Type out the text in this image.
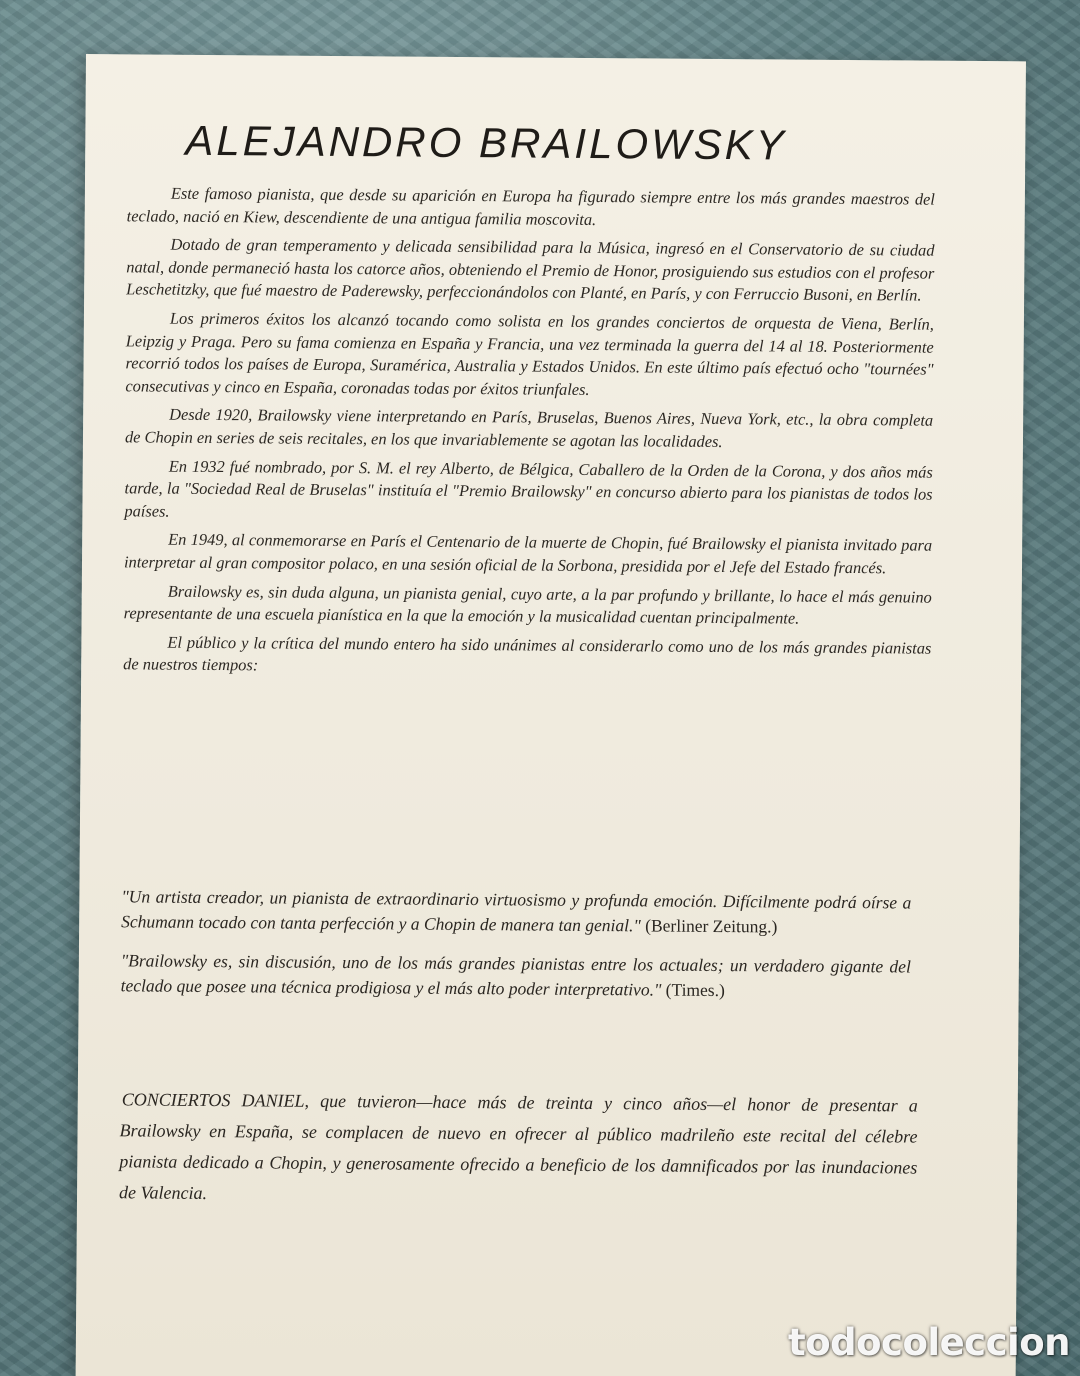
ALEJANDRO BRAILOWSKY

Este famoso pianista, que desde su aparición en Europa ha figurado siempre entre los más grandes maestros del teclado, nació en Kiew, descendiente de una antigua familia moscovita.

Dotado de gran temperamento y delicada sensibilidad para la Música, ingresó en el Conservatorio de su ciudad natal, donde permaneció hasta los catorce años, obteniendo el Premio de Honor, prosiguiendo sus estudios con el profesor Leschetitzky, que fué maestro de Paderewsky, perfeccionándolos con Planté, en París, y con Ferruccio Busoni, en Berlín.

Los primeros éxitos los alcanzó tocando como solista en los grandes conciertos de orquesta de Viena, Berlín, Leipzig y Praga. Pero su fama comienza en España y Francia, una vez terminada la guerra del 14 al 18. Posteriormente recorrió todos los países de Europa, Suramérica, Australia y Estados Unidos. En este último país efectuó ocho "tournées" consecutivas y cinco en España, coronadas todas por éxitos triunfales.

Desde 1920, Brailowsky viene interpretando en París, Bruselas, Buenos Aires, Nueva York, etc., la obra completa de Chopin en series de seis recitales, en los que invariablemente se agotan las localidades.

En 1932 fué nombrado, por S. M. el rey Alberto, de Bélgica, Caballero de la Orden de la Corona, y dos años más tarde, la "Sociedad Real de Bruselas" instituía el "Premio Brailowsky" en concurso abierto para los pianistas de todos los países.

En 1949, al conmemorarse en París el Centenario de la muerte de Chopin, fué Brailowsky el pianista invitado para interpretar al gran compositor polaco, en una sesión oficial de la Sorbona, presidida por el Jefe del Estado francés.

Brailowsky es, sin duda alguna, un pianista genial, cuyo arte, a la par profundo y brillante, lo hace el más genuino representante de una escuela pianística en la que la emoción y la musicalidad cuentan principalmente.

El público y la crítica del mundo entero ha sido unánimes al considerarlo como uno de los más grandes pianistas de nuestros tiempos:

"Un artista creador, un pianista de extraordinario virtuosismo y profunda emoción. Difícilmente podrá oírse a Schumann tocado con tanta perfección y a Chopin de manera tan genial." (Berliner Zeitung.)

"Brailowsky es, sin discusión, uno de los más grandes pianistas entre los actuales; un verdadero gigante del teclado que posee una técnica prodigiosa y el más alto poder interpretativo." (Times.)

CONCIERTOS DANIEL, que tuvieron—hace más de treinta y cinco años—el honor de presentar a Brailowsky en España, se complacen de nuevo en ofrecer al público madrileño este recital del célebre pianista dedicado a Chopin, y generosamente ofrecido a beneficio de los damnificados por las inundaciones de Valencia.

todocoleccion
